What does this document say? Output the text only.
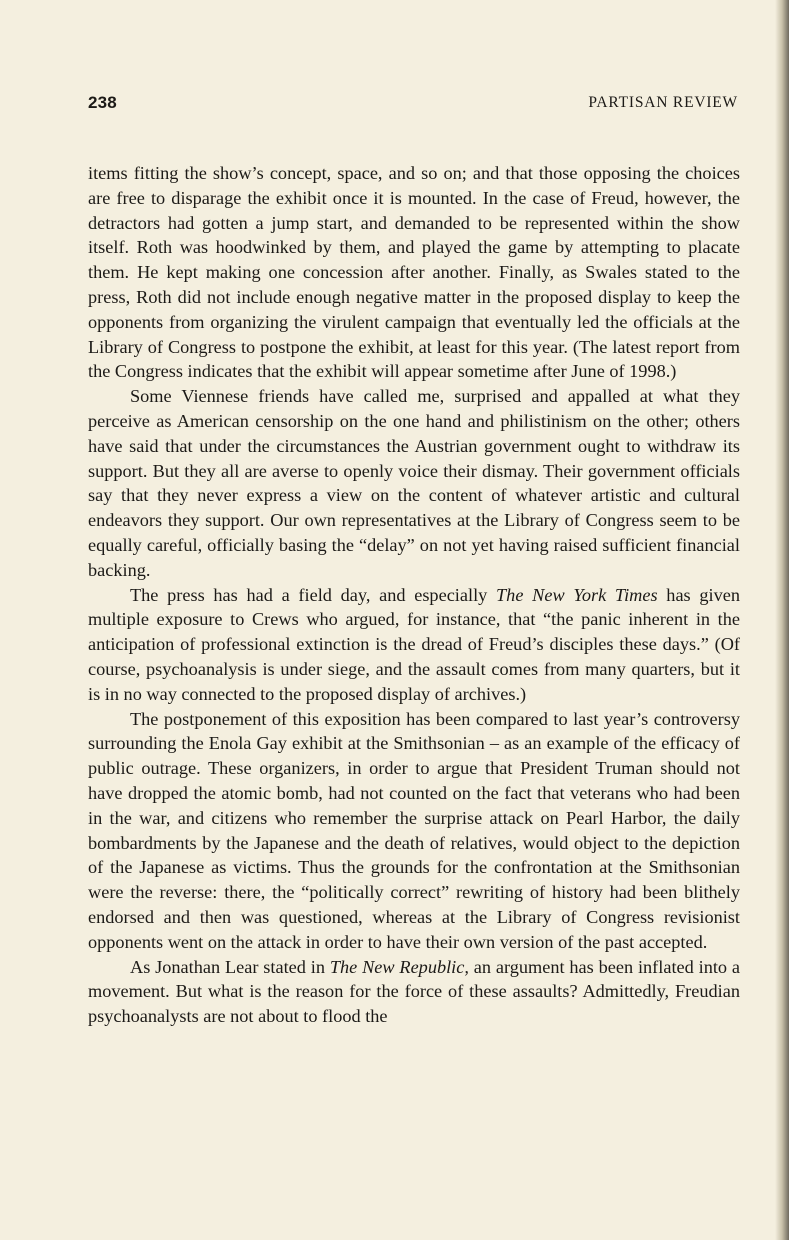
238	PARTISAN REVIEW

items fitting the show’s concept, space, and so on; and that those opposing the choices are free to disparage the exhibit once it is mounted. In the case of Freud, however, the detractors had gotten a jump start, and demanded to be represented within the show itself. Roth was hoodwinked by them, and played the game by attempting to placate them. He kept making one concession after another. Finally, as Swales stated to the press, Roth did not include enough negative matter in the proposed display to keep the opponents from organizing the virulent campaign that eventually led the officials at the Library of Congress to postpone the exhibit, at least for this year. (The latest report from the Congress indicates that the exhibit will appear sometime after June of 1998.)

Some Viennese friends have called me, surprised and appalled at what they perceive as American censorship on the one hand and philistinism on the other; others have said that under the circumstances the Austrian government ought to withdraw its support. But they all are averse to openly voice their dismay. Their government officials say that they never express a view on the content of whatever artistic and cultural endeavors they support. Our own representatives at the Library of Congress seem to be equally careful, officially basing the “delay” on not yet having raised sufficient financial backing.

The press has had a field day, and especially The New York Times has given multiple exposure to Crews who argued, for instance, that “the panic inherent in the anticipation of professional extinction is the dread of Freud’s disciples these days.” (Of course, psychoanalysis is under siege, and the assault comes from many quarters, but it is in no way connected to the proposed display of archives.)

The postponement of this exposition has been compared to last year’s controversy surrounding the Enola Gay exhibit at the Smithsonian – as an example of the efficacy of public outrage. These organizers, in order to argue that President Truman should not have dropped the atomic bomb, had not counted on the fact that veterans who had been in the war, and citizens who remember the surprise attack on Pearl Harbor, the daily bombardments by the Japanese and the death of relatives, would object to the depiction of the Japanese as victims. Thus the grounds for the confrontation at the Smithsonian were the reverse: there, the “politically correct” rewriting of history had been blithely endorsed and then was questioned, whereas at the Library of Congress revisionist opponents went on the attack in order to have their own version of the past accepted.

As Jonathan Lear stated in The New Republic, an argument has been inflated into a movement. But what is the reason for the force of these assaults? Admittedly, Freudian psychoanalysts are not about to flood the
